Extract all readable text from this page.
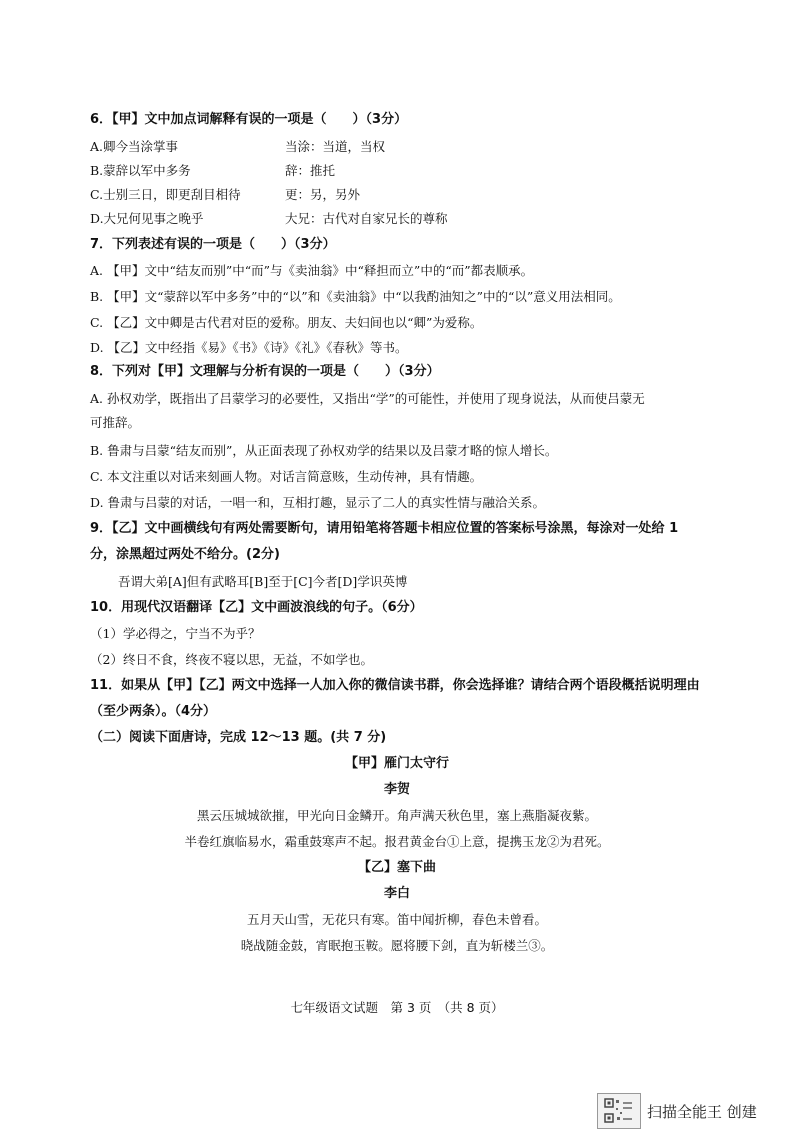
6．【甲】文中加点词解释有误的一项是（　　）（3分）
A.卿今当涂掌事	当涂：当道，当权
B.蒙辞以军中多务	辞：推托
C.士别三日，即更刮目相待	更：另，另外
D.大兄何见事之晚乎	大兄：古代对自家兄长的尊称
7．下列表述有误的一项是（　　）（3分）
A. 【甲】文中“结友而别”中“而”与《卖油翁》中“释担而立”中的“而”都表顺承。
B. 【甲】文“蒙辞以军中多务”中的“以”和《卖油翁》中“以我酌油知之”中的“以”意义用法相同。
C. 【乙】文中卿是古代君对臣的爱称。朋友、夫妇间也以“卿”为爱称。
D. 【乙】文中经指《易》《书》《诗》《礼》《春秋》等书。
8．下列对【甲】文理解与分析有误的一项是（　　）（3分）
A. 孙权劝学，既指出了吕蒙学习的必要性，又指出“学”的可能性，并使用了现身说法，从而使吕蒙无
可推辞。
B. 鲁肃与吕蒙“结友而别”，从正面表现了孙权劝学的结果以及吕蒙才略的惊人增长。
C. 本文注重以对话来刻画人物。对话言简意赅，生动传神，具有情趣。
D. 鲁肃与吕蒙的对话，一唱一和，互相打趣，显示了二人的真实性情与融洽关系。
9．【乙】文中画横线句有两处需要断句，请用铅笔将答题卡相应位置的答案标号涂黑，每涂对一处给 1
分，涂黑超过两处不给分。(2分)
吾谓大弟[A]但有武略耳[B]至于[C]今者[D]学识英博
10．用现代汉语翻译【乙】文中画波浪线的句子。（6分）
（1）学必得之，宁当不为乎？
（2）终日不食，终夜不寝以思，无益，不如学也。
11．如果从【甲】【乙】两文中选择一人加入你的微信读书群，你会选择谁？请结合两个语段概括说明理由
（至少两条）。（4分）
（二）阅读下面唐诗，完成 12～13 题。(共 7 分)
【甲】雁门太守行
李贺
黑云压城城欲摧，甲光向日金鳞开。角声满天秋色里，塞上燕脂凝夜紫。
半卷红旗临易水，霜重鼓寒声不起。报君黄金台①上意，提携玉龙②为君死。
【乙】塞下曲
李白
五月天山雪，无花只有寒。笛中闻折柳，春色未曾看。
晓战随金鼓，宵眠抱玉鞍。愿将腰下剑，直为斩楼兰③。
七年级语文试题　第 3 页　（共 8 页）
扫描全能王 创建
